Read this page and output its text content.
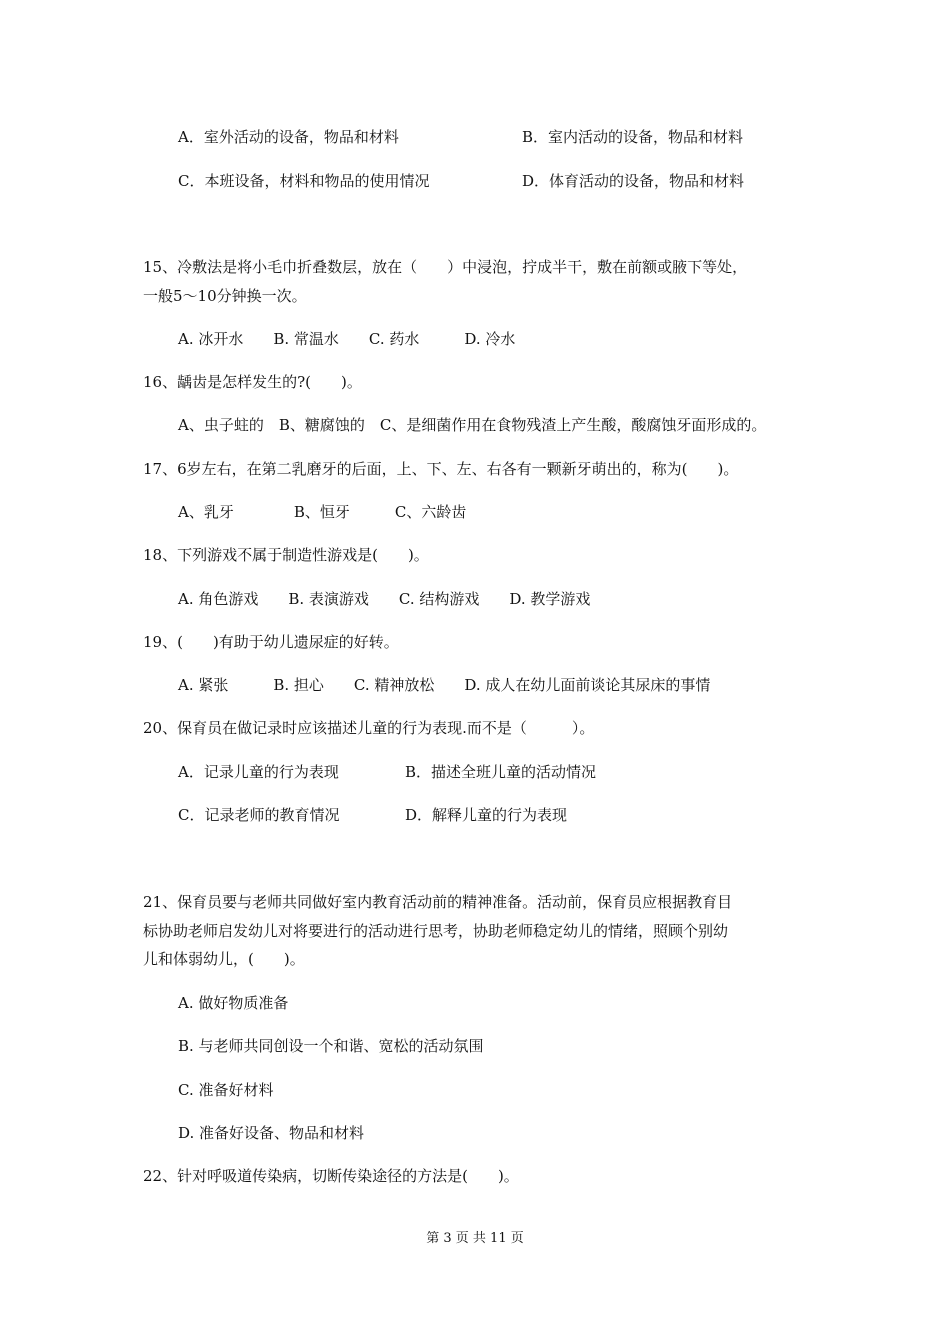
A．室外活动的设备，物品和材料	B．室内活动的设备，物品和材料
C．本班设备，材料和物品的使用情况	D．体育活动的设备，物品和材料
15、冷敷法是将小毛巾折叠数层，放在（　　）中浸泡，拧成半干，敷在前额或腋下等处，
一般5～10分钟换一次。
A. 冰开水　　B. 常温水　　C. 药水　　　D. 冷水
16、龋齿是怎样发生的?(　　)。
A、虫子蛀的　B、糖腐蚀的　C、是细菌作用在食物残渣上产生酸，酸腐蚀牙面形成的。
17、6岁左右，在第二乳磨牙的后面，上、下、左、右各有一颗新牙萌出的，称为(　　)。
A、乳牙　　　　B、恒牙　　　C、六龄齿
18、下列游戏不属于制造性游戏是(　　)。
A. 角色游戏　　B. 表演游戏　　C. 结构游戏　　D. 教学游戏
19、(　　)有助于幼儿遗尿症的好转。
A. 紧张　　　B. 担心　　C. 精神放松　　D. 成人在幼儿面前谈论其尿床的事情
20、保育员在做记录时应该描述儿童的行为表现.而不是（　　　）。
A．记录儿童的行为表现	B．描述全班儿童的活动情况
C．记录老师的教育情况	D．解释儿童的行为表现
21、保育员要与老师共同做好室内教育活动前的精神准备。活动前，保育员应根据教育目
标协助老师启发幼儿对将要进行的活动进行思考，协助老师稳定幼儿的情绪，照顾个别幼
儿和体弱幼儿，(　　)。
A. 做好物质准备
B. 与老师共同创设一个和谐、宽松的活动氛围
C. 准备好材料
D. 准备好设备、物品和材料
22、针对呼吸道传染病，切断传染途径的方法是(　　)。
第 3 页 共 11 页
